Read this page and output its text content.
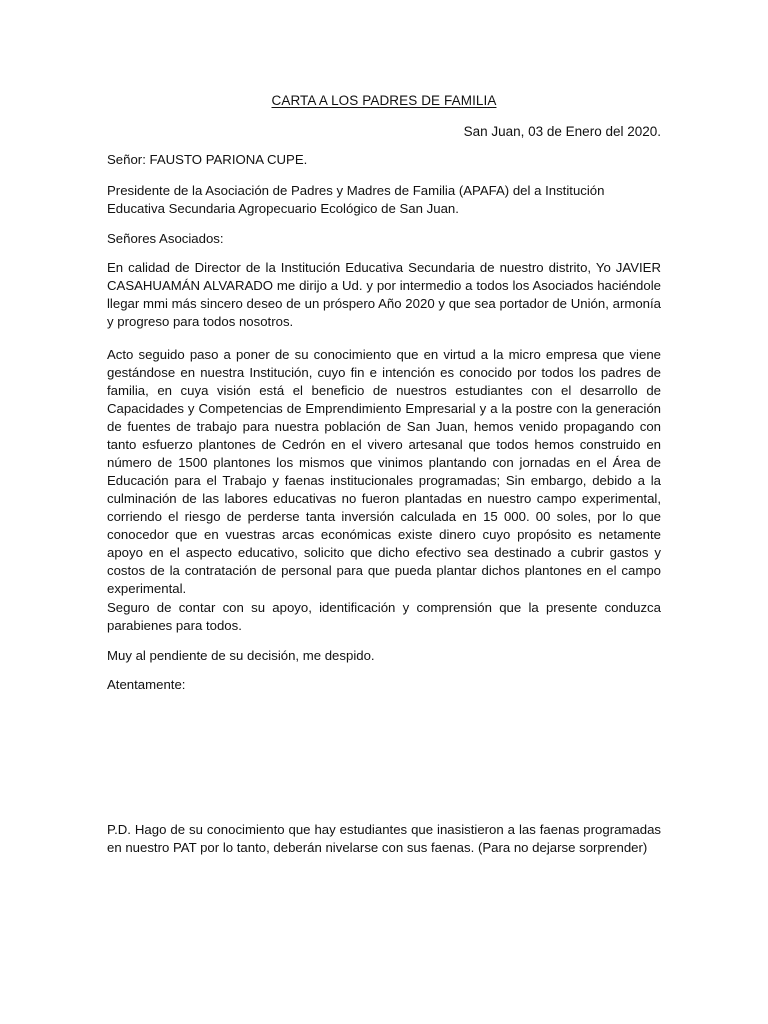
CARTA A LOS PADRES DE FAMILIA
San Juan, 03 de Enero del 2020.

Señor: FAUSTO PARIONA CUPE.

Presidente de la Asociación de Padres y Madres de Familia (APAFA) del a Institución Educativa Secundaria Agropecuario Ecológico de San Juan.

Señores Asociados:

En calidad de Director de la Institución Educativa Secundaria de nuestro distrito, Yo JAVIER CASAHUAMÁN ALVARADO me dirijo a Ud. y por intermedio a todos los Asociados haciéndole llegar mmi más sincero deseo de un próspero Año 2020 y que sea portador de Unión, armonía y progreso para todos nosotros.

Acto seguido paso a poner de su conocimiento que en virtud a la micro empresa que viene gestándose en nuestra Institución, cuyo fin e intención es conocido por todos los padres de familia, en cuya visión está el beneficio de nuestros estudiantes con el desarrollo de Capacidades y Competencias de Emprendimiento Empresarial y a la postre con la generación de fuentes de trabajo para nuestra población de San Juan, hemos venido propagando con tanto esfuerzo plantones de Cedrón en el vivero artesanal que todos hemos construido en número de 1500 plantones los mismos que vinimos plantando con jornadas en el Área de Educación para el Trabajo y faenas institucionales programadas; Sin embargo, debido a la culminación de las labores educativas no fueron plantadas en nuestro campo experimental, corriendo el riesgo de perderse tanta inversión calculada en 15 000. 00 soles, por lo que conocedor que en vuestras arcas económicas existe dinero cuyo propósito es netamente apoyo en el aspecto educativo, solicito que dicho efectivo sea destinado a cubrir gastos y costos de la contratación de personal para que pueda plantar dichos plantones en el campo experimental.

Seguro de contar con su apoyo, identificación y comprensión que la presente conduzca parabienes para todos.

Muy al pendiente de su decisión, me despido.

Atentamente:

P.D. Hago de su conocimiento que hay estudiantes que inasistieron a las faenas programadas en nuestro PAT por lo tanto, deberán nivelarse con sus faenas. (Para no dejarse sorprender)
